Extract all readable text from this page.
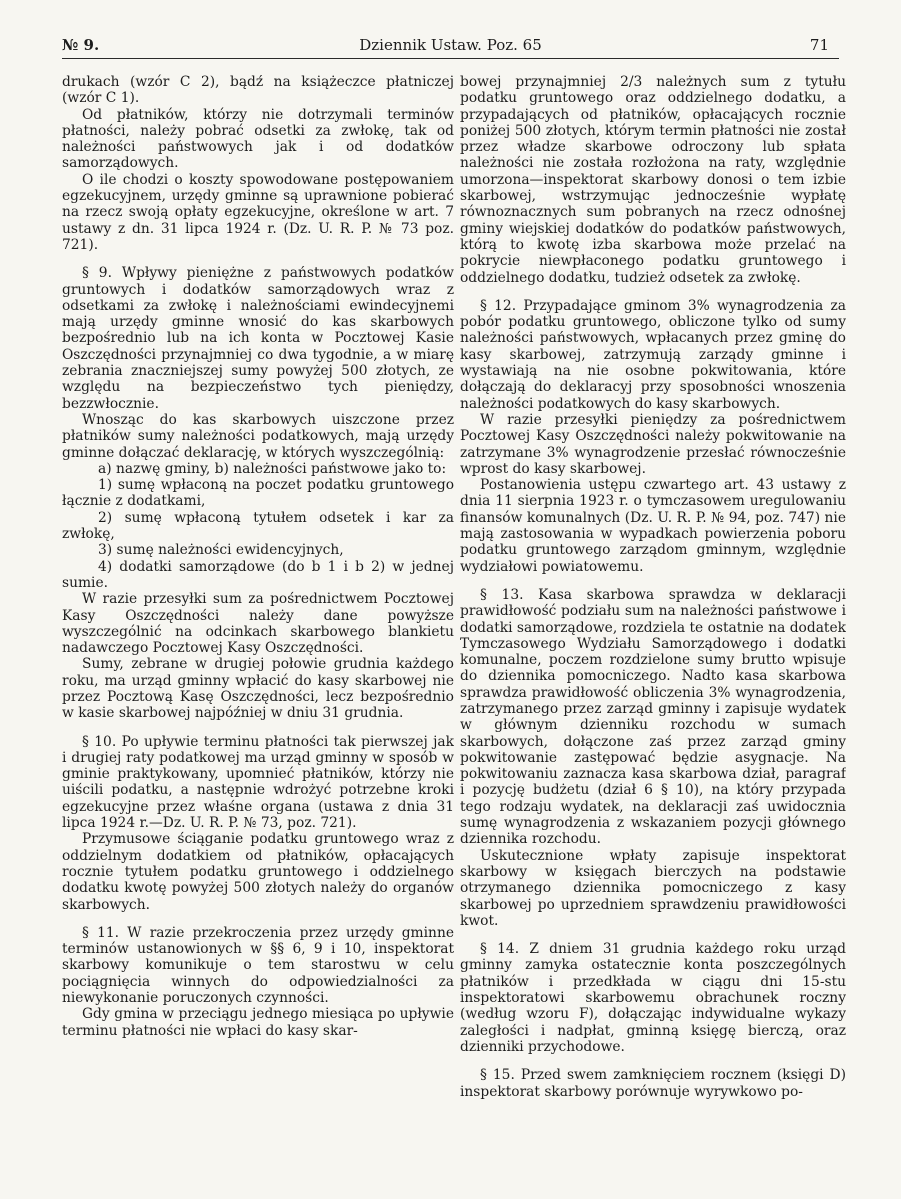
№ 9.	Dziennik Ustaw. Poz. 65	71

drukach (wzór C 2), bądź na książeczce płatniczej (wzór C 1).

Od płatników, którzy nie dotrzymali terminów płatności, należy pobrać odsetki za zwłokę, tak od należności państwowych jak i od dodatków samorządowych.

O ile chodzi o koszty spowodowane postępowaniem egzekucyjnem, urzędy gminne są uprawnione pobierać na rzecz swoją opłaty egzekucyjne, określone w art. 7 ustawy z dn. 31 lipca 1924 r. (Dz. U. R. P. № 73 poz. 721).

§ 9. Wpływy pieniężne z państwowych podatków gruntowych i dodatków samorządowych wraz z odsetkami za zwłokę i należnościami ewindecyjnemi mają urzędy gminne wnosić do kas skarbowych bezpośrednio lub na ich konta w Pocztowej Kasie Oszczędności przynajmniej co dwa tygodnie, a w miarę zebrania znaczniejszej sumy powyżej 500 złotych, ze względu na bezpieczeństwo tych pieniędzy, bezzwłocznie.

Wnosząc do kas skarbowych uiszczone przez płatników sumy należności podatkowych, mają urzędy gminne dołączać deklarację, w których wyszczególnią:

a) nazwę gminy, b) należności państwowe jako to:

1) sumę wpłaconą na poczet podatku gruntowego łącznie z dodatkami,

2) sumę wpłaconą tytułem odsetek i kar za zwłokę,

3) sumę należności ewidencyjnych,

4) dodatki samorządowe (do b 1 i b 2) w jednej sumie.

W razie przesyłki sum za pośrednictwem Pocztowej Kasy Oszczędności należy dane powyższe wyszczególnić na odcinkach skarbowego blankietu nadawczego Pocztowej Kasy Oszczędności.

Sumy, zebrane w drugiej połowie grudnia każdego roku, ma urząd gminny wpłacić do kasy skarbowej nie przez Pocztową Kasę Oszczędności, lecz bezpośrednio w kasie skarbowej najpóźniej w dniu 31 grudnia.

§ 10. Po upływie terminu płatności tak pierwszej jak i drugiej raty podatkowej ma urząd gminny w sposób w gminie praktykowany, upomnieć płatników, którzy nie uiścili podatku, a następnie wdrożyć potrzebne kroki egzekucyjne przez właśne organa (ustawa z dnia 31 lipca 1924 r.—Dz. U. R. P. № 73, poz. 721).

Przymusowe ściąganie podatku gruntowego wraz z oddzielnym dodatkiem od płatników, opłacających rocznie tytułem podatku gruntowego i oddzielnego dodatku kwotę powyżej 500 złotych należy do organów skarbowych.

§ 11. W razie przekroczenia przez urzędy gminne terminów ustanowionych w §§ 6, 9 i 10, inspektorat skarbowy komunikuje o tem starostwu w celu pociągnięcia winnych do odpowiedzialności za niewykonanie poruczonych czynności.

Gdy gmina w przeciągu jednego miesiąca po upływie terminu płatności nie wpłaci do kasy skar-

bowej przynajmniej 2/3 należnych sum z tytułu podatku gruntowego oraz oddzielnego dodatku, a przypadających od płatników, opłacających rocznie poniżej 500 złotych, którym termin płatności nie został przez władze skarbowe odroczony lub spłata należności nie została rozłożona na raty, względnie umorzona—inspektorat skarbowy donosi o tem izbie skarbowej, wstrzymując jednocześnie wypłatę równoznacznych sum pobranych na rzecz odnośnej gminy wiejskiej dodatków do podatków państwowych, którą to kwotę izba skarbowa może przelać na pokrycie niewpłaconego podatku gruntowego i oddzielnego dodatku, tudzież odsetek za zwłokę.

§ 12. Przypadające gminom 3% wynagrodzenia za pobór podatku gruntowego, obliczone tylko od sumy należności państwowych, wpłacanych przez gminę do kasy skarbowej, zatrzymują zarządy gminne i wystawiają na nie osobne pokwitowania, które dołączają do deklaracyj przy sposobności wnoszenia należności podatkowych do kasy skarbowych.

W razie przesyłki pieniędzy za pośrednictwem Pocztowej Kasy Oszczędności należy pokwitowanie na zatrzymane 3% wynagrodzenie przesłać równocześnie wprost do kasy skarbowej.

Postanowienia ustępu czwartego art. 43 ustawy z dnia 11 sierpnia 1923 r. o tymczasowem uregulowaniu finansów komunalnych (Dz. U. R. P. № 94, poz. 747) nie mają zastosowania w wypadkach powierzenia poboru podatku gruntowego zarządom gminnym, względnie wydziałowi powiatowemu.

§ 13. Kasa skarbowa sprawdza w deklaracji prawidłowość podziału sum na należności państwowe i dodatki samorządowe, rozdziela te ostatnie na dodatek Tymczasowego Wydziału Samorządowego i dodatki komunalne, poczem rozdzielone sumy brutto wpisuje do dziennika pomocniczego. Nadto kasa skarbowa sprawdza prawidłowość obliczenia 3% wynagrodzenia, zatrzymanego przez zarząd gminny i zapisuje wydatek w głównym dzienniku rozchodu w sumach skarbowych, dołączone zaś przez zarząd gminy pokwitowanie zastępować będzie asygnacje. Na pokwitowaniu zaznacza kasa skarbowa dział, paragraf i pozycję budżetu (dział 6 § 10), na który przypada tego rodzaju wydatek, na deklaracji zaś uwidocznia sumę wynagrodzenia z wskazaniem pozycji głównego dziennika rozchodu.

Uskutecznione wpłaty zapisuje inspektorat skarbowy w księgach bierczych na podstawie otrzymanego dziennika pomocniczego z kasy skarbowej po uprzedniem sprawdzeniu prawidłowości kwot.

§ 14. Z dniem 31 grudnia każdego roku urząd gminny zamyka ostatecznie konta poszczególnych płatników i przedkłada w ciągu dni 15-stu inspektoratowi skarbowemu obrachunek roczny (według wzoru F), dołączając indywidualne wykazy zaległości i nadpłat, gminną księgę bierczą, oraz dzienniki przychodowe.

§ 15. Przed swem zamknięciem rocznem (księgi D) inspektorat skarbowy porównuje wyrywkowo po-
